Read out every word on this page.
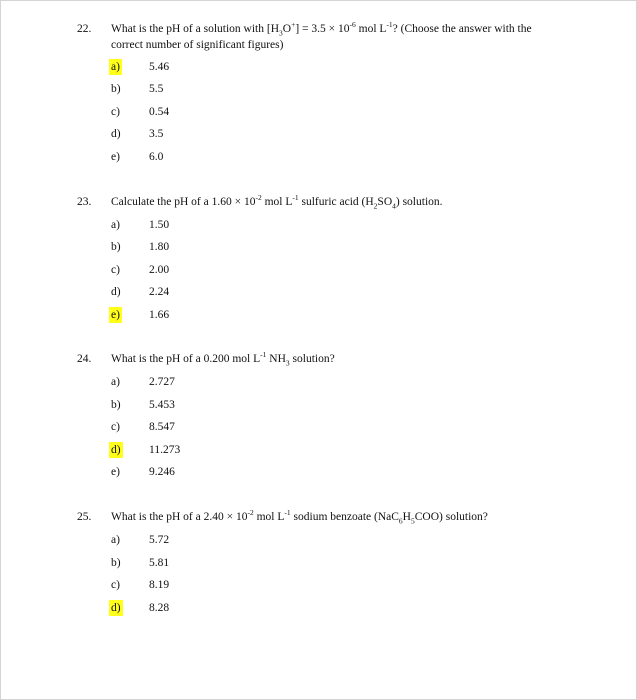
22. What is the pH of a solution with $[H_3O^+] = 3.5 \times 10^{-6}$ mol $L^{-1}$? (Choose the answer with the correct number of significant figures)
a)	5.46
b) 5.5
c)	0.54
d) 3.5
e)	6.0
23. Calculate the pH of a $1.60 \times 10^{-2}$ mol $L^{-1}$ sulfuric acid $(H_2SO_4)$ solution.
a)	1.50
b) 1.80
c)	2.00
d) 2.24
e)	1.66
24. What is the pH of a 0.200 mol $L^{-1}$ $NH_3$ solution?
a)	2.727
b) 5.453
c)	8.547
d) 11.273
e)	9.246
25. What is the pH of a $2.40 \times 10^{-2}$ mol $L^{-1}$ sodium benzoate $(NaC_6H_5COO)$ solution?
a)	5.72
b) 5.81
c)	8.19
d) 8.28
